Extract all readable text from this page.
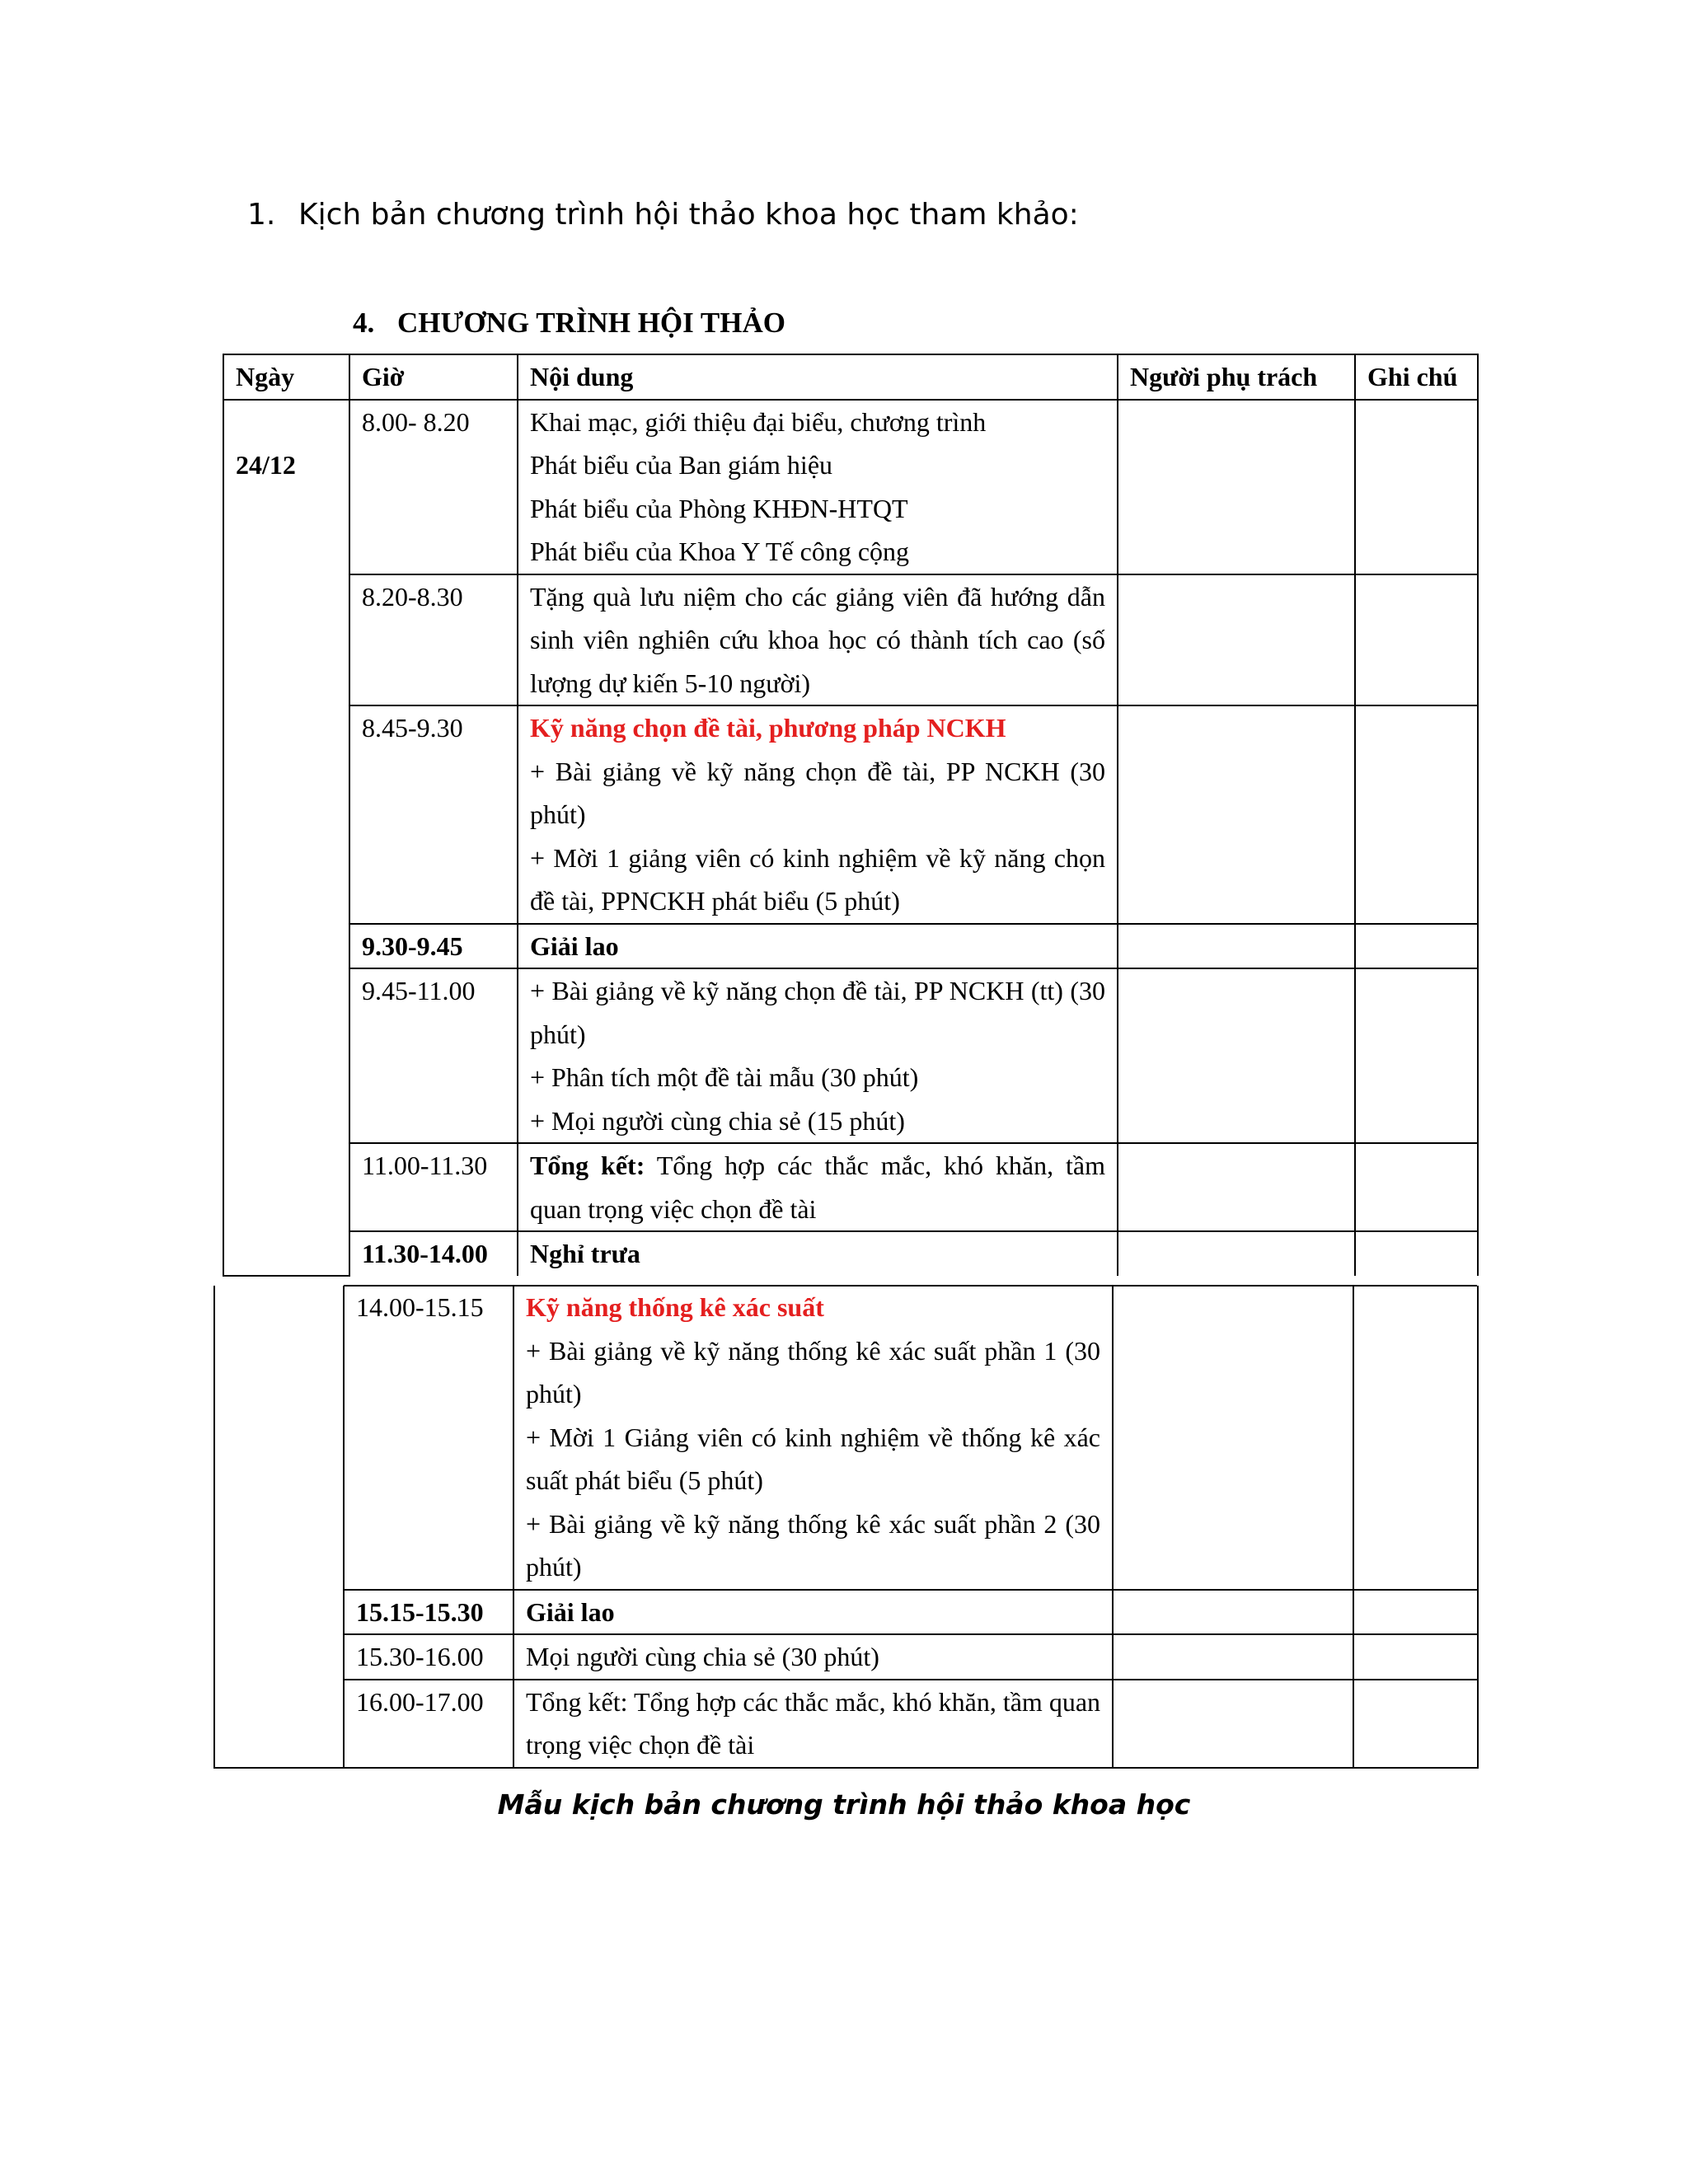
1. Kịch bản chương trình hội thảo khoa học tham khảo:
4. CHƯƠNG TRÌNH HỘI THẢO
Ngày	Giờ	Nội dung	Người phụ trách	Ghi chú

24/12	8.00- 8.20	Khai mạc, giới thiệu đại biểu, chương trình
Phát biểu của Ban giám hiệu
Phát biểu của Phòng KHĐN-HTQT
Phát biểu của Khoa Y Tế công cộng		

	8.20-8.30	Tặng quà lưu niệm cho các giảng viên đã hướng dẫn sinh viên nghiên cứu khoa học có thành tích cao (số lượng dự kiến 5-10 người)		
	8.45-9.30	Kỹ năng chọn đề tài, phương pháp NCKH
+ Bài giảng về kỹ năng chọn đề tài, PP NCKH (30 phút)
+ Mời 1 giảng viên có kinh nghiệm về kỹ năng chọn đề tài, PPNCKH phát biểu (5 phút)		

	9.30-9.45	Giải lao		
	9.45-11.00	+ Bài giảng về kỹ năng chọn đề tài, PP NCKH (tt) (30 phút)
+ Phân tích một đề tài mẫu (30 phút)
+ Mọi người cùng chia sẻ (15 phút)		

	11.00-11.30	Tổng kết: Tổng hợp các thắc mắc, khó khăn, tầm quan trọng việc chọn đề tài		
	11.30-14.00	Nghỉ trưa		
	14.00-15.15	Kỹ năng thống kê xác suất
+ Bài giảng về kỹ năng thống kê xác suất phần 1 (30 phút)
+ Mời 1 Giảng viên có kinh nghiệm về thống kê xác suất phát biểu (5 phút)
+ Bài giảng về kỹ năng thống kê xác suất phần 2 (30 phút)		

	15.15-15.30	Giải lao		
	15.30-16.00	Mọi người cùng chia sẻ (30 phút)		
	16.00-17.00	Tổng kết: Tổng hợp các thắc mắc, khó khăn, tầm quan trọng việc chọn đề tài		
Mẫu kịch bản chương trình hội thảo khoa học
